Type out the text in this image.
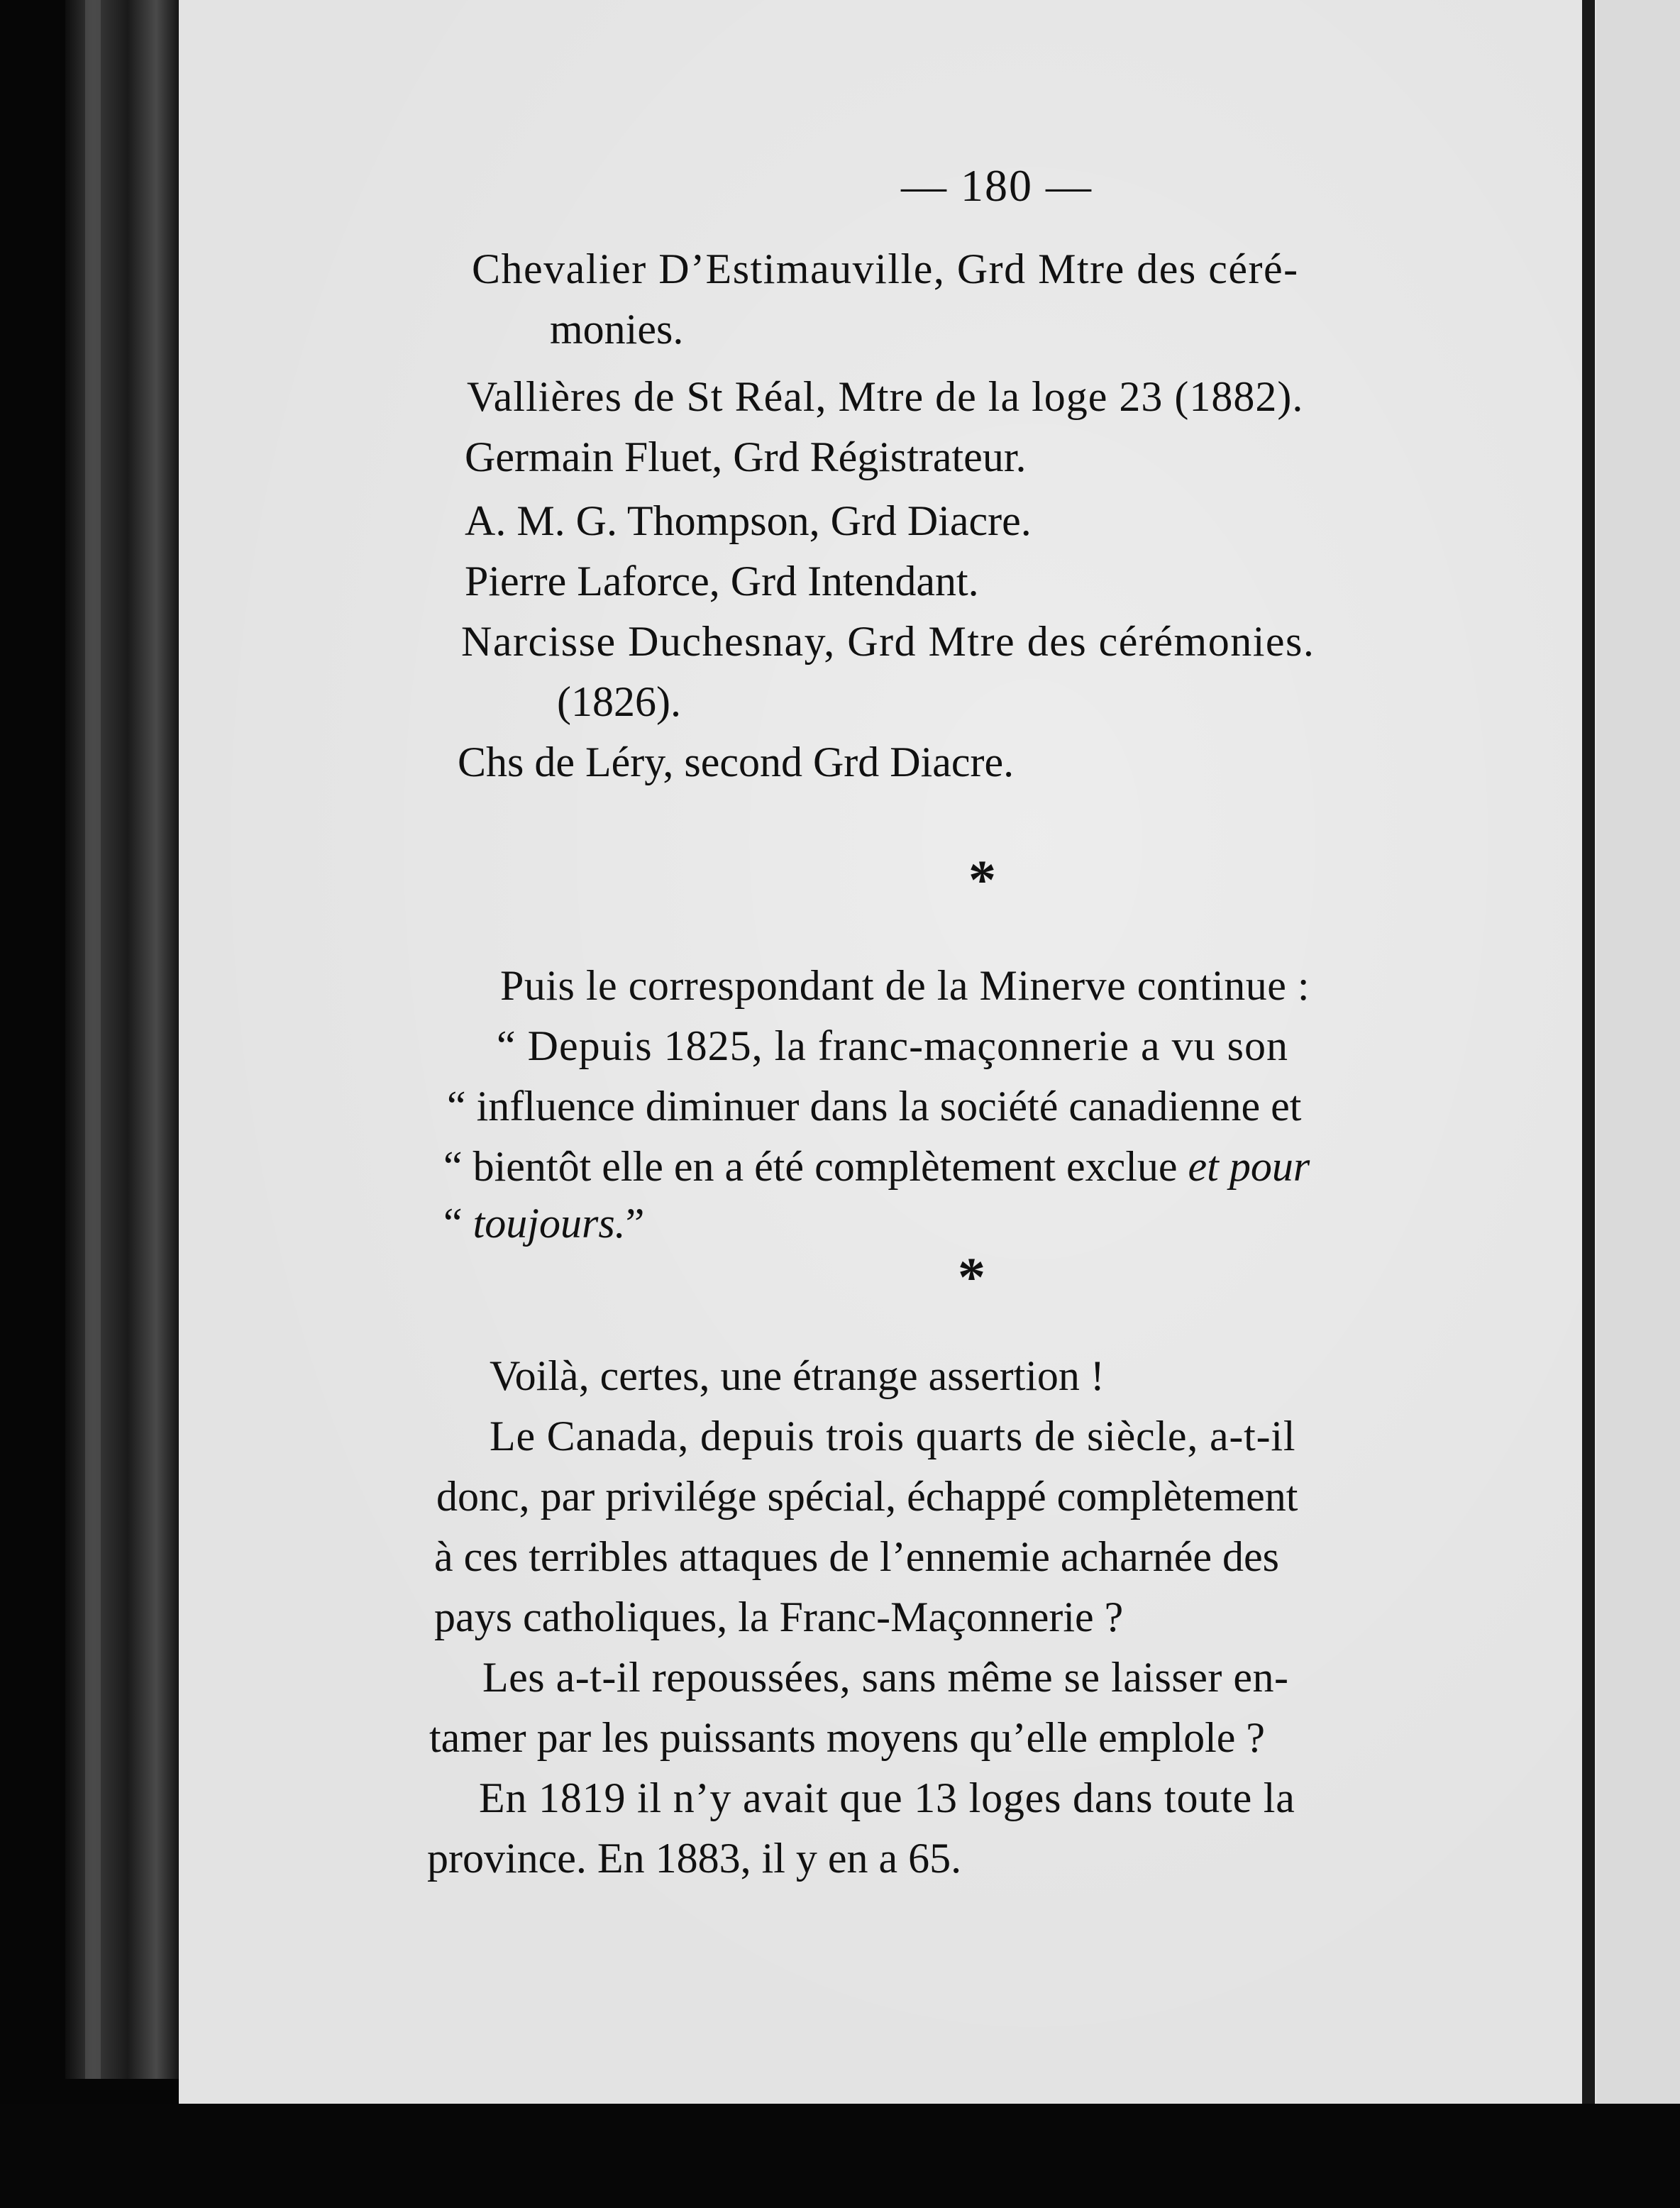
— 180 —
Chevalier D’Estimauville, Grd Mtre des céré-
monies.
Vallières de St Réal, Mtre de la loge 23 (1882).
Germain Fluet, Grd Régistrateur.
A. M. G. Thompson, Grd Diacre.
Pierre Laforce, Grd Intendant.
Narcisse Duchesnay, Grd Mtre des cérémonies.
(1826).
Chs de Léry, second Grd Diacre.
*
Puis le correspondant de la Minerve continue :
“ Depuis 1825, la franc-maçonnerie a vu son
“ influence diminuer dans la société canadienne et
“ bientôt elle en a été complètement exclue et pour
“ toujours.”
*
Voilà, certes, une étrange assertion !
Le Canada, depuis trois quarts de siècle, a-t-il
donc, par privilége spécial, échappé complètement
à ces terribles attaques de l’ennemie acharnée des
pays catholiques, la Franc-Maçonnerie ?
Les a-t-il repoussées, sans même se laisser en-
tamer par les puissants moyens qu’elle emplole ?
En 1819 il n’y avait que 13 loges dans toute la
province. En 1883, il y en a 65.
